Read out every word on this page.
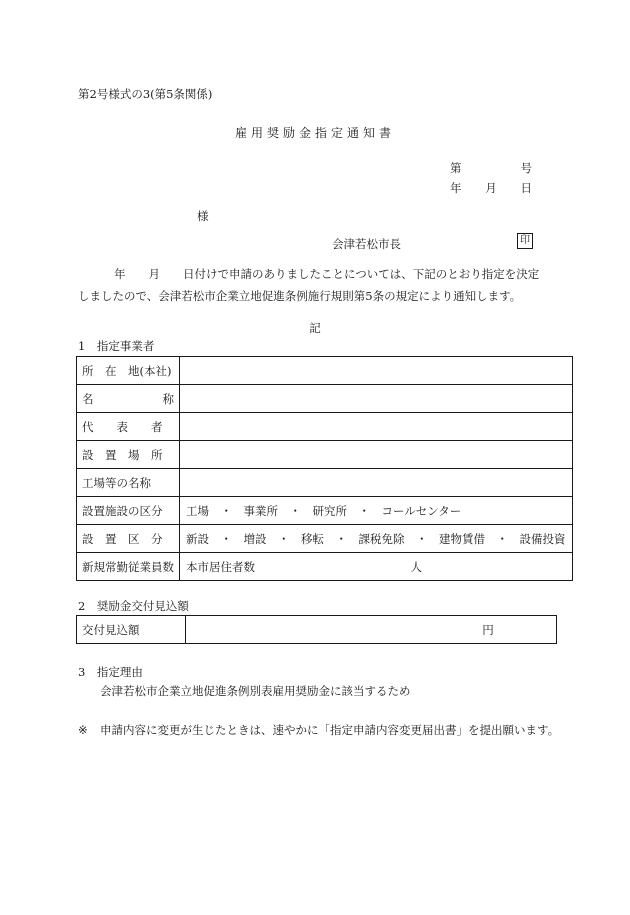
第2号様式の3(第5条関係)
雇用奨励金指定通知書
第	号
年 月 日
様
会津若松市長	印

年　　月　　日付けで申請のありましたことについては、下記のとおり指定を決定

しましたので、会津若松市企業立地促進条例施行規則第5条の規定により通知します。

記
1　指定事業者
所　在　地(本社)	
名　　　　　　称	
代　　表　　者	
設　置　場　所	
工場等の名称	
設置施設の区分	工場　・　事業所　・　研究所　・　コールセンター
設　置　区　分	新設　・　増設　・　移転　・　課税免除　・　建物賃借　・　設備投資
新規常勤従業員数	本市居住者数 人
2　奨励金交付見込額
交付見込額	円
3　指定理由
会津若松市企業立地促進条例別表雇用奨励金に該当するため
※ 申請内容に変更が生じたときは、速やかに「指定申請内容変更届出書」を提出願います。
